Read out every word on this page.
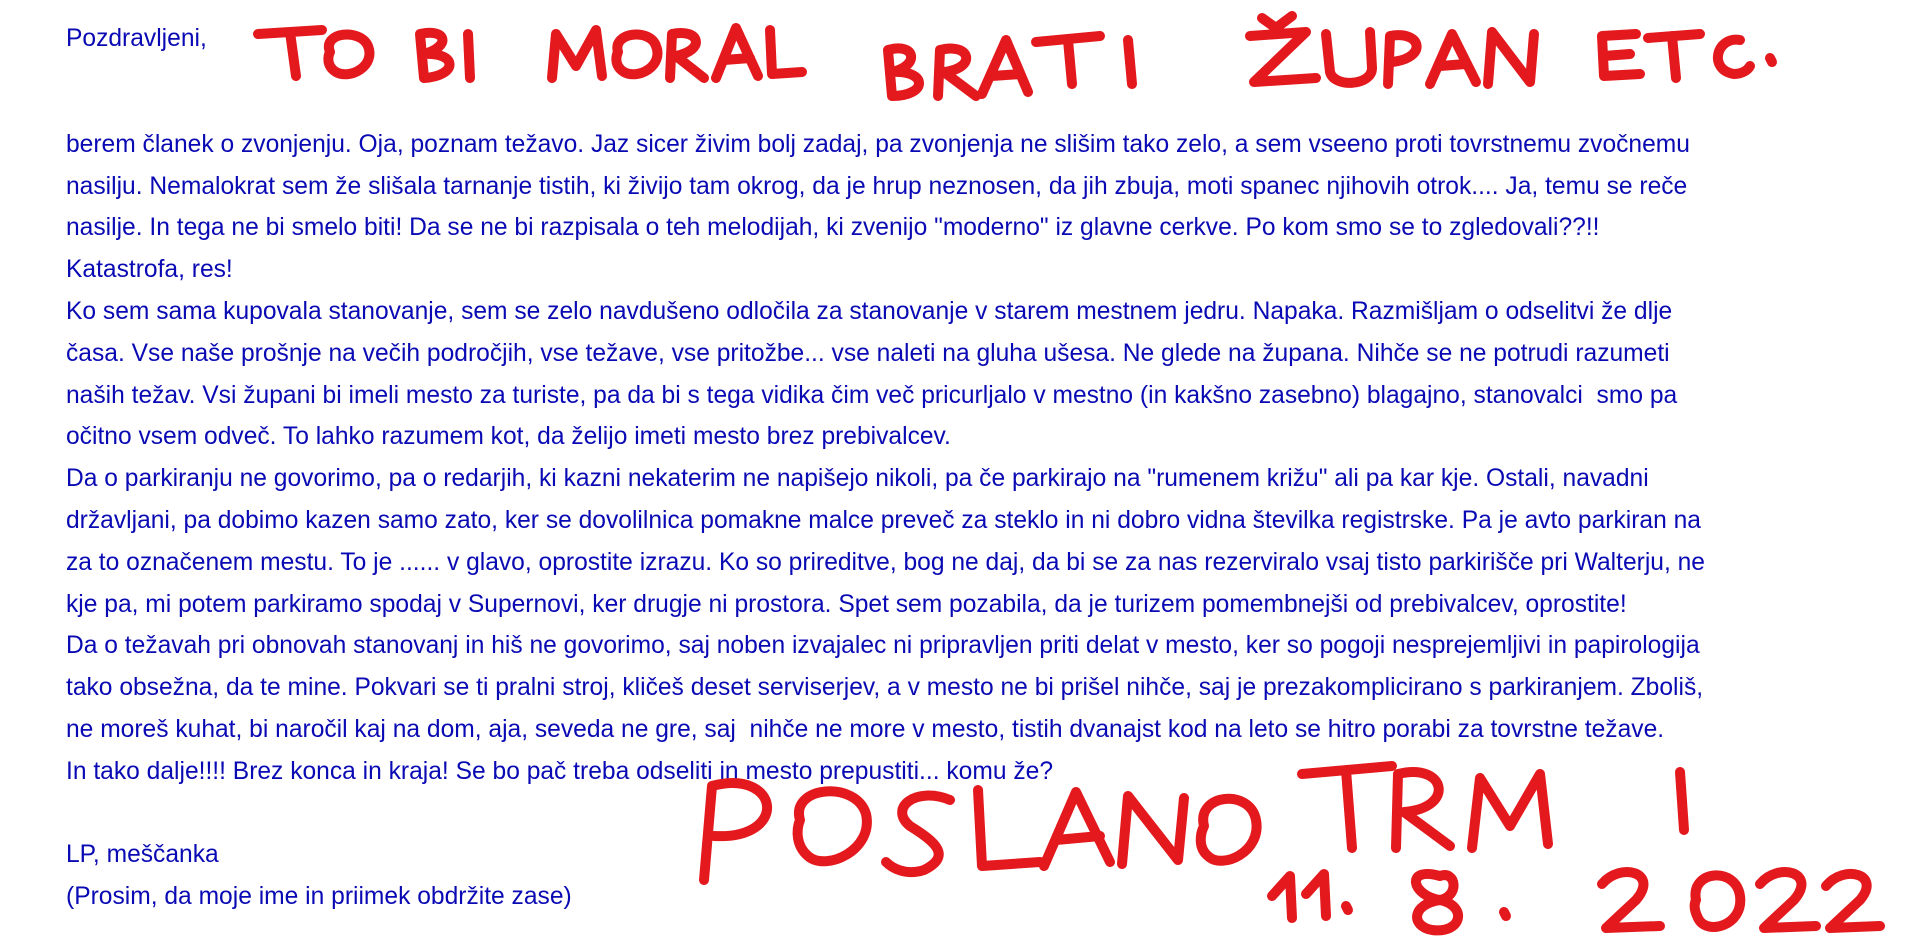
Pozdravljeni,
berem članek o zvonjenju. Oja, poznam težavo. Jaz sicer živim bolj zadaj, pa zvonjenja ne slišim tako zelo, a sem vseeno proti tovrstnemu zvočnemu
nasilju. Nemalokrat sem že slišala tarnanje tistih, ki živijo tam okrog, da je hrup neznosen, da jih zbuja, moti spanec njihovih otrok.... Ja, temu se reče
nasilje. In tega ne bi smelo biti! Da se ne bi razpisala o teh melodijah, ki zvenijo "moderno" iz glavne cerkve. Po kom smo se to zgledovali??!!
Katastrofa, res!
Ko sem sama kupovala stanovanje, sem se zelo navdušeno odločila za stanovanje v starem mestnem jedru. Napaka. Razmišljam o odselitvi že dlje
časa. Vse naše prošnje na večih področjih, vse težave, vse pritožbe... vse naleti na gluha ušesa. Ne glede na župana. Nihče se ne potrudi razumeti
naših težav. Vsi župani bi imeli mesto za turiste, pa da bi s tega vidika čim več pricurljalo v mestno (in kakšno zasebno) blagajno, stanovalci  smo pa
očitno vsem odveč. To lahko razumem kot, da želijo imeti mesto brez prebivalcev.
Da o parkiranju ne govorimo, pa o redarjih, ki kazni nekaterim ne napišejo nikoli, pa če parkirajo na "rumenem križu" ali pa kar kje. Ostali, navadni
državljani, pa dobimo kazen samo zato, ker se dovolilnica pomakne malce preveč za steklo in ni dobro vidna številka registrske. Pa je avto parkiran na
za to označenem mestu. To je ...... v glavo, oprostite izrazu. Ko so prireditve, bog ne daj, da bi se za nas rezerviralo vsaj tisto parkirišče pri Walterju, ne
kje pa, mi potem parkiramo spodaj v Supernovi, ker drugje ni prostora. Spet sem pozabila, da je turizem pomembnejši od prebivalcev, oprostite!
Da o težavah pri obnovah stanovanj in hiš ne govorimo, saj noben izvajalec ni pripravljen priti delat v mesto, ker so pogoji nesprejemljivi in papirologija
tako obsežna, da te mine. Pokvari se ti pralni stroj, kličeš deset serviserjev, a v mesto ne bi prišel nihče, saj je prezakomplicirano s parkiranjem. Zboliš,
ne moreš kuhat, bi naročil kaj na dom, aja, seveda ne gre, saj  nihče ne more v mesto, tistih dvanajst kod na leto se hitro porabi za tovrstne težave.
In tako dalje!!!! Brez konca in kraja! Se bo pač treba odseliti in mesto prepustiti... komu že?
LP, meščanka
(Prosim, da moje ime in priimek obdržite zase)
